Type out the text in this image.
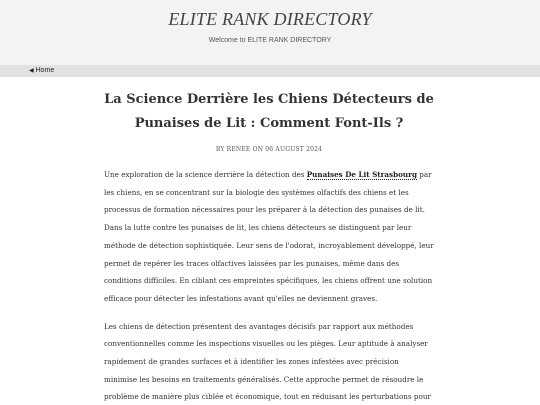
ELITE RANK DIRECTORY

Welcome to ELITE RANK DIRECTORY

◀ Home
La Science Derrière les Chiens Détecteurs de Punaises de Lit : Comment Font-Ils ?
BY RENEE ON 06 AUGUST 2024

Une exploration de la science derrière la détection des Punaises De Lit Strasbourg par les chiens, en se concentrant sur la biologie des systèmes olfactifs des chiens et les processus de formation nécessaires pour les préparer à la détection des punaises de lit. Dans la lutte contre les punaises de lit, les chiens détecteurs se distinguent par leur méthode de détection sophistiquée. Leur sens de l'odorat, incroyablement développé, leur permet de repérer les traces olfactives laissées par les punaises, même dans des conditions difficiles. En ciblant ces empreintes spécifiques, les chiens offrent une solution efficace pour détecter les infestations avant qu'elles ne deviennent graves.

Les chiens de détection présentent des avantages décisifs par rapport aux méthodes conventionnelles comme les inspections visuelles ou les pièges. Leur aptitude à analyser rapidement de grandes surfaces et à identifier les zones infestées avec précision minimise les besoins en traitements généralisés. Cette approche permet de résoudre le problème de manière plus ciblée et économique, tout en réduisant les perturbations pour
